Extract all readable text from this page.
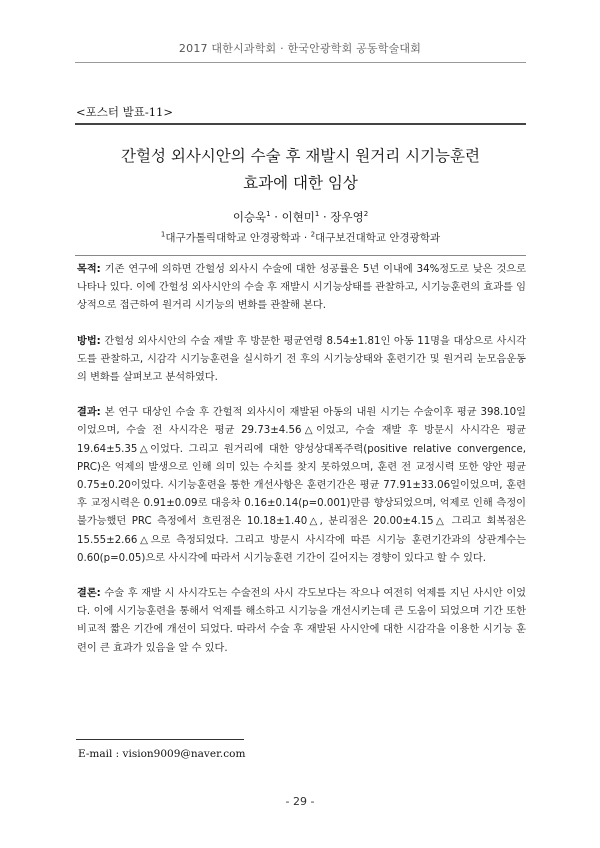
2017 대한시과학회 · 한국안광학회 공동학술대회
<포스터 발표-11>
간헐성 외사시안의 수술 후 재발시 원거리 시기능훈련
효과에 대한 임상
이승욱$^1$ · 이현미$^1$ · 장우영$^2$
$^1$대구가톨릭대학교 안경광학과 · $^2$대구보건대학교 안경광학과

목적: 기존 연구에 의하면 간헐성 외사시 수술에 대한 성공률은 5년 이내에 34%정도로 낮은 것으로 나타나 있다. 이에 간헐성 외사시안의 수술 후 재발시 시기능상태를 관찰하고, 시기능훈련의 효과를 임상적으로 접근하여 원거리 시기능의 변화를 관찰해 본다.

방법: 간헐성 외사시안의 수술 재발 후 방문한 평균연령 8.54±1.81인 아동 11명을 대상으로 사시각도를 관찰하고, 시감각 시기능훈련을 실시하기 전 후의 시기능상태와 훈련기간 및 원거리 눈모음운동의 변화를 살펴보고 분석하였다.

결과: 본 연구 대상인 수술 후 간헐적 외사시이 재발된 아동의 내원 시기는 수술이후 평균 398.10일이었으며, 수술 전 사시각은 평균 29.73±4.56△이었고, 수술 재발 후 방문시 사시각은 평균 19.64±5.35△이었다. 그리고 원거리에 대한 양성상대폭주력(positive relative convergence, PRC)은 억제의 발생으로 인해 의미 있는 수치를 찾지 못하였으며, 훈련 전 교정시력 또한 양안 평균 0.75±0.20이었다. 시기능훈련을 통한 개선사항은 훈련기간은 평균 77.91±33.06일이었으며, 훈련 후 교정시력은 0.91±0.09로 대응차 0.16±0.14(p=0.001)만큼 향상되었으며, 억제로 인해 측정이 불가능했던 PRC 측정에서 흐린점은 10.18±1.40△, 분리점은 20.00±4.15△ 그리고 회복점은 15.55±2.66△으로 측정되었다. 그리고 방문시 사시각에 따른 시기능 훈련기간과의 상관계수는 0.60(p=0.05)으로 사시각에 따라서 시기능훈련 기간이 길어지는 경향이 있다고 할 수 있다.

결론: 수술 후 재발 시 사시각도는 수술전의 사시 각도보다는 작으나 여전히 억제를 지닌 사시안 이었다. 이에 시기능훈련을 통해서 억제를 해소하고 시기능을 개선시키는데 큰 도움이 되었으며 기간 또한 비교적 짧은 기간에 개선이 되었다. 따라서 수술 후 재발된 사시안에 대한 시감각을 이용한 시기능 훈련이 큰 효과가 있음을 알 수 있다.

E-mail : vision9009@naver.com
- 29 -
